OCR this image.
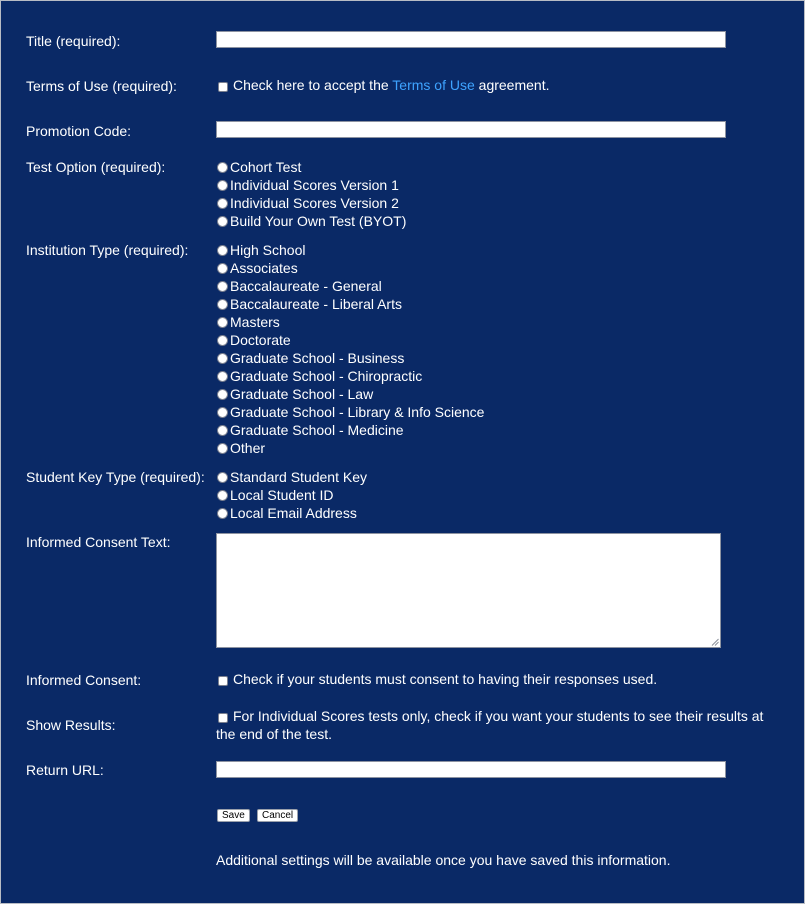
Title (required):
Terms of Use (required):	Check here to accept the Terms of Use agreement.
Promotion Code:
Test Option (required):	Cohort Test
Individual Scores Version 1
Individual Scores Version 2
Build Your Own Test (BYOT)
Institution Type (required):	High School
Associates
Baccalaureate - General
Baccalaureate - Liberal Arts
Masters
Doctorate
Graduate School - Business
Graduate School - Chiropractic
Graduate School - Law
Graduate School - Library & Info Science
Graduate School - Medicine
Other
Student Key Type (required): Standard Student Key
Local Student ID
Local Email Address
Informed Consent Text:
Informed Consent:	Check if your students must consent to having their responses used.
Show Results:
For Individual Scores tests only, check if you want your students to see their results at
the end of the test.
Return URL:
Save	Cancel
Additional settings will be available once you have saved this information.
